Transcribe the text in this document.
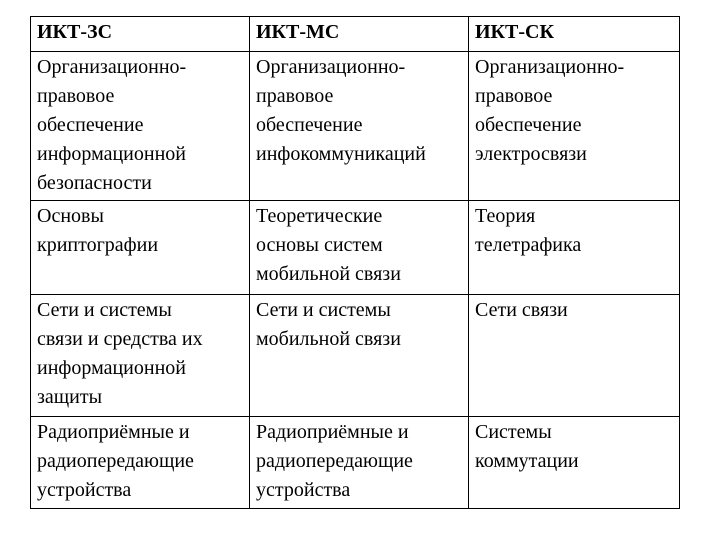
ИКТ-ЗС	ИКТ-МС	ИКТ-СК

Организационно-
правовое
обеспечение
информационной
безопасности	Организационно-
правовое
обеспечение
инфокоммуникаций	Организационно-
правовое
обеспечение
электросвязи

Основы
криптографии	Теоретические
основы систем
мобильной связи	Теория
телетрафика

Сети и системы
связи и средства их
информационной
защиты	Сети и системы
мобильной связи	Сети связи

Радиоприёмные и
радиопередающие
устройства	Радиоприёмные и
радиопередающие
устройства	Системы
коммутации
